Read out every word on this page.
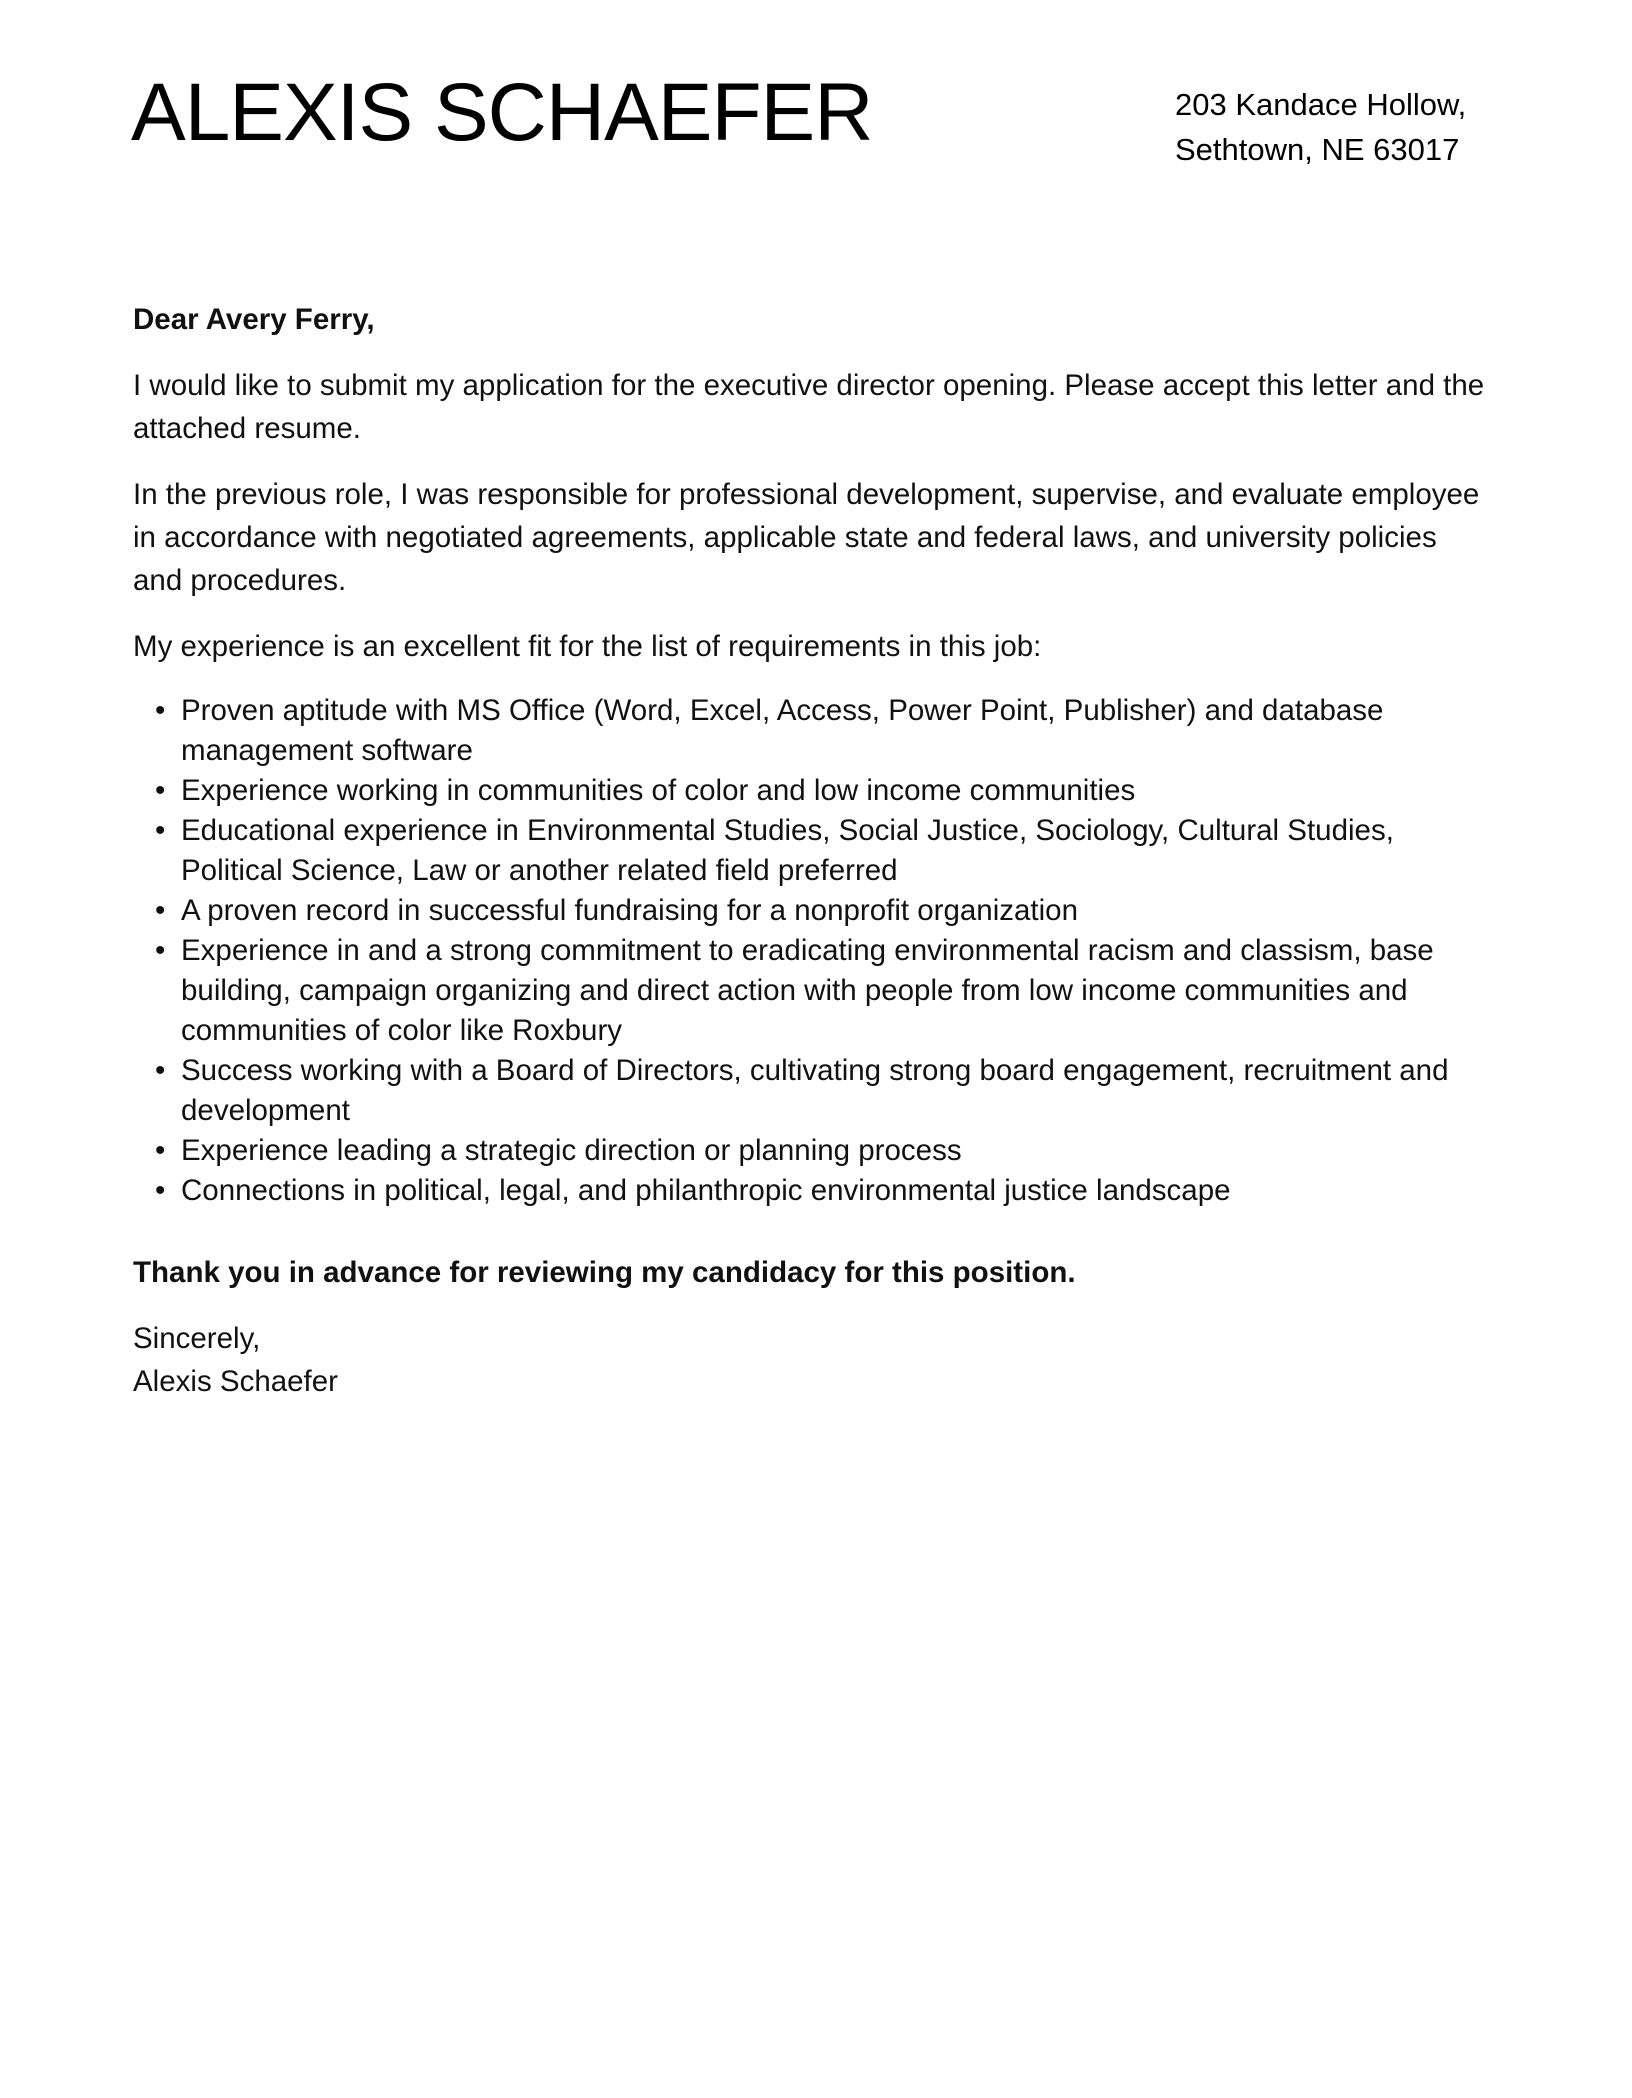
ALEXIS SCHAEFER	203 Kandace Hollow,
Sethtown, NE 63017

Dear Avery Ferry,

I would like to submit my application for the executive director opening. Please accept this letter and the attached resume.

In the previous role, I was responsible for professional development, supervise, and evaluate employee in accordance with negotiated agreements, applicable state and federal laws, and university policies and procedures.

My experience is an excellent fit for the list of requirements in this job:

• Proven aptitude with MS Office (Word, Excel, Access, Power Point, Publisher) and database management software
• Experience working in communities of color and low income communities
• Educational experience in Environmental Studies, Social Justice, Sociology, Cultural Studies, Political Science, Law or another related field preferred
• A proven record in successful fundraising for a nonprofit organization
• Experience in and a strong commitment to eradicating environmental racism and classism, base building, campaign organizing and direct action with people from low income communities and communities of color like Roxbury
• Success working with a Board of Directors, cultivating strong board engagement, recruitment and development
• Experience leading a strategic direction or planning process
• Connections in political, legal, and philanthropic environmental justice landscape

Thank you in advance for reviewing my candidacy for this position.

Sincerely,

Alexis Schaefer
